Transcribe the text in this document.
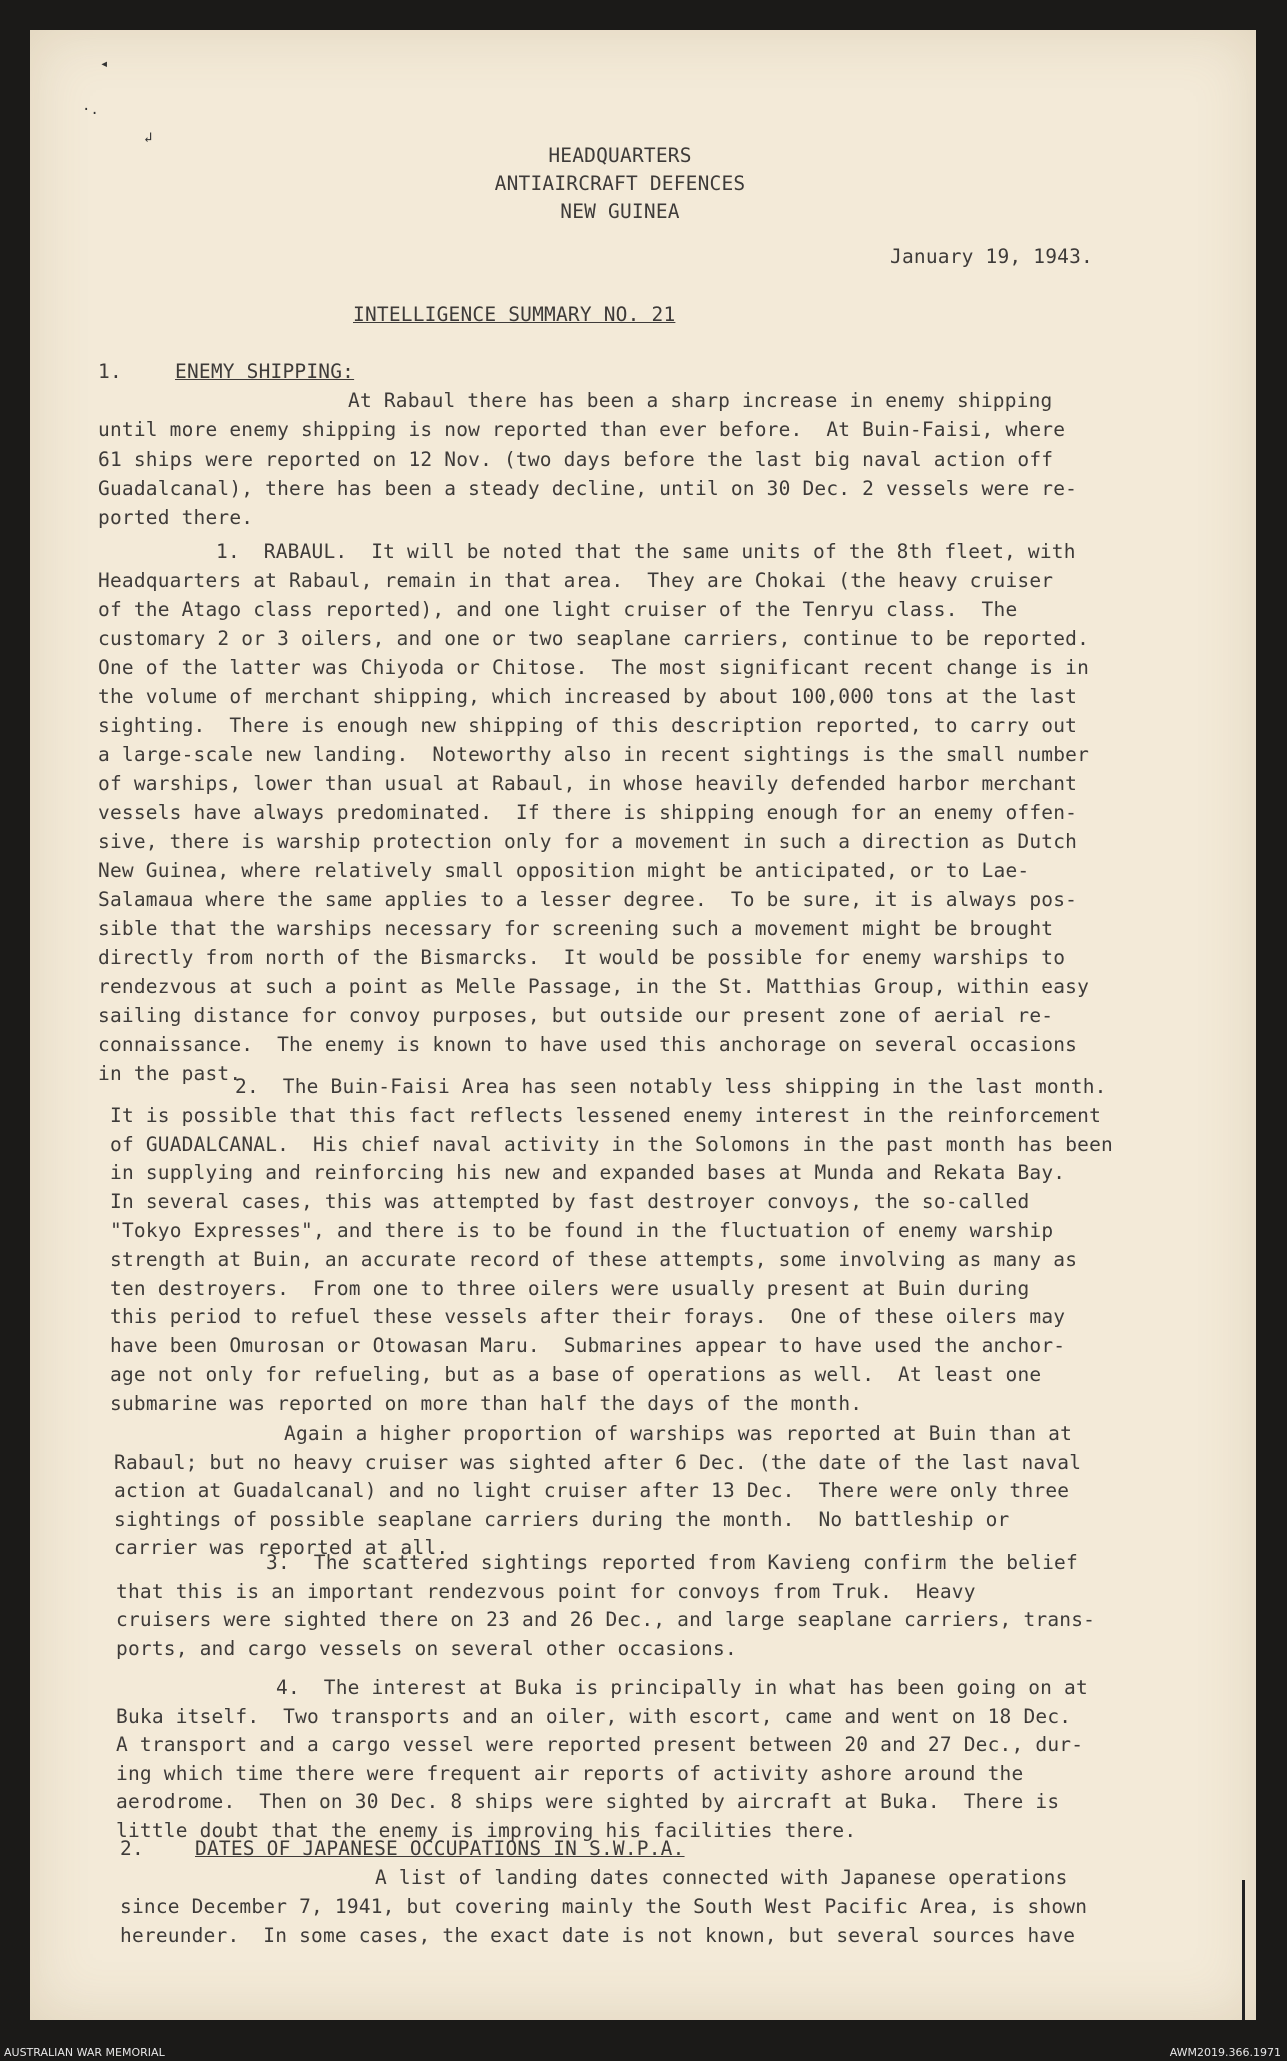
◂
·.
↲
HEADQUARTERS
ANTIAIRCRAFT DEFENCES
NEW GUINEA
January 19, 1943.
INTELLIGENCE SUMMARY NO. 21
1.	ENEMY SHIPPING:
At Rabaul there has been a sharp increase in enemy shipping
until more enemy shipping is now reported than ever before.  At Buin-Faisi, where
61 ships were reported on 12 Nov. (two days before the last big naval action off
Guadalcanal), there has been a steady decline, until on 30 Dec. 2 vessels were re-
ported there.
1.  RABAUL.  It will be noted that the same units of the 8th fleet, with
Headquarters at Rabaul, remain in that area.  They are Chokai (the heavy cruiser
of the Atago class reported), and one light cruiser of the Tenryu class.  The
customary 2 or 3 oilers, and one or two seaplane carriers, continue to be reported.
One of the latter was Chiyoda or Chitose.  The most significant recent change is in
the volume of merchant shipping, which increased by about 100,000 tons at the last
sighting.  There is enough new shipping of this description reported, to carry out
a large-scale new landing.  Noteworthy also in recent sightings is the small number
of warships, lower than usual at Rabaul, in whose heavily defended harbor merchant
vessels have always predominated.  If there is shipping enough for an enemy offen-
sive, there is warship protection only for a movement in such a direction as Dutch
New Guinea, where relatively small opposition might be anticipated, or to Lae-
Salamaua where the same applies to a lesser degree.  To be sure, it is always pos-
sible that the warships necessary for screening such a movement might be brought
directly from north of the Bismarcks.  It would be possible for enemy warships to
rendezvous at such a point as Melle Passage, in the St. Matthias Group, within easy
sailing distance for convoy purposes, but outside our present zone of aerial re-
connaissance.  The enemy is known to have used this anchorage on several occasions
in the past.
2.  The Buin-Faisi Area has seen notably less shipping in the last month.
It is possible that this fact reflects lessened enemy interest in the reinforcement
of GUADALCANAL.  His chief naval activity in the Solomons in the past month has been
in supplying and reinforcing his new and expanded bases at Munda and Rekata Bay.
In several cases, this was attempted by fast destroyer convoys, the so-called
"Tokyo Expresses", and there is to be found in the fluctuation of enemy warship
strength at Buin, an accurate record of these attempts, some involving as many as
ten destroyers.  From one to three oilers were usually present at Buin during
this period to refuel these vessels after their forays.  One of these oilers may
have been Omurosan or Otowasan Maru.  Submarines appear to have used the anchor-
age not only for refueling, but as a base of operations as well.  At least one
submarine was reported on more than half the days of the month.
Again a higher proportion of warships was reported at Buin than at
Rabaul; but no heavy cruiser was sighted after 6 Dec. (the date of the last naval
action at Guadalcanal) and no light cruiser after 13 Dec.  There were only three
sightings of possible seaplane carriers during the month.  No battleship or
carrier was reported at all.
3.  The scattered sightings reported from Kavieng confirm the belief
that this is an important rendezvous point for convoys from Truk.  Heavy
cruisers were sighted there on 23 and 26 Dec., and large seaplane carriers, trans-
ports, and cargo vessels on several other occasions.
4.  The interest at Buka is principally in what has been going on at
Buka itself.  Two transports and an oiler, with escort, came and went on 18 Dec.
A transport and a cargo vessel were reported present between 20 and 27 Dec., dur-
ing which time there were frequent air reports of activity ashore around the
aerodrome.  Then on 30 Dec. 8 ships were sighted by aircraft at Buka.  There is
little doubt that the enemy is improving his facilities there.
2.	DATES OF JAPANESE OCCUPATIONS IN S.W.P.A.
A list of landing dates connected with Japanese operations
since December 7, 1941, but covering mainly the South West Pacific Area, is shown
hereunder.  In some cases, the exact date is not known, but several sources have
AUSTRALIAN WAR MEMORIAL	AWM2019.366.1971
